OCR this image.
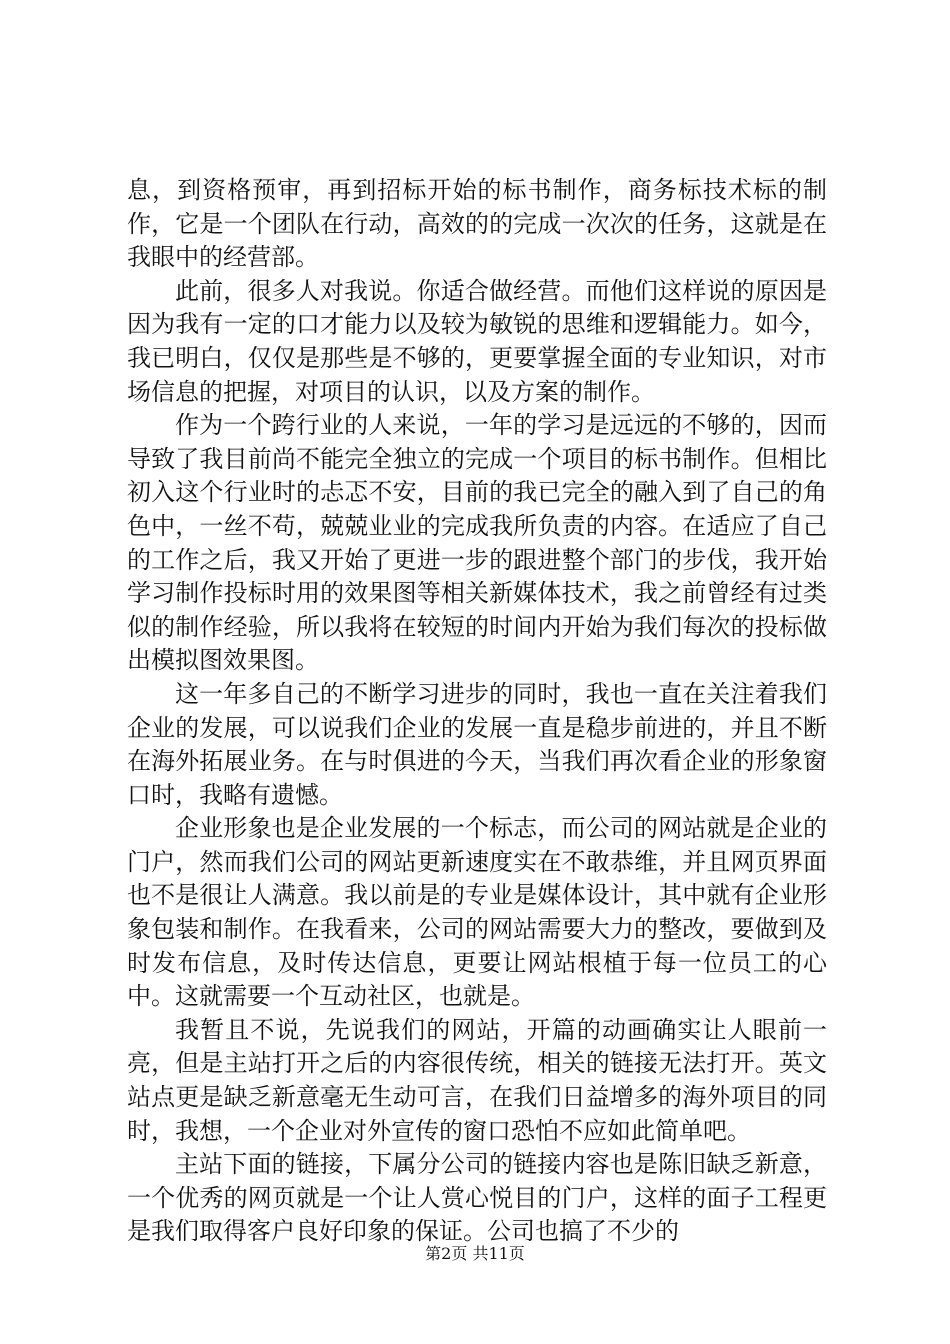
息，到资格预审，再到招标开始的标书制作，商务标技术标的制作，它是一个团队在行动，高效的的完成一次次的任务，这就是在我眼中的经营部。

此前，很多人对我说。你适合做经营。而他们这样说的原因是因为我有一定的口才能力以及较为敏锐的思维和逻辑能力。如今，我已明白，仅仅是那些是不够的，更要掌握全面的专业知识，对市场信息的把握，对项目的认识，以及方案的制作。

作为一个跨行业的人来说，一年的学习是远远的不够的，因而导致了我目前尚不能完全独立的完成一个项目的标书制作。但相比初入这个行业时的忐忑不安，目前的我已完全的融入到了自己的角色中，一丝不苟，兢兢业业的完成我所负责的内容。在适应了自己的工作之后，我又开始了更进一步的跟进整个部门的步伐，我开始学习制作投标时用的效果图等相关新媒体技术，我之前曾经有过类似的制作经验，所以我将在较短的时间内开始为我们每次的投标做出模拟图效果图。

这一年多自己的不断学习进步的同时，我也一直在关注着我们企业的发展，可以说我们企业的发展一直是稳步前进的，并且不断在海外拓展业务。在与时俱进的今天，当我们再次看企业的形象窗口时，我略有遗憾。

企业形象也是企业发展的一个标志，而公司的网站就是企业的门户，然而我们公司的网站更新速度实在不敢恭维，并且网页界面也不是很让人满意。我以前是的专业是媒体设计，其中就有企业形象包装和制作。在我看来，公司的网站需要大力的整改，要做到及时发布信息，及时传达信息，更要让网站根植于每一位员工的心中。这就需要一个互动社区，也就是。

我暂且不说，先说我们的网站，开篇的动画确实让人眼前一亮，但是主站打开之后的内容很传统，相关的链接无法打开。英文站点更是缺乏新意毫无生动可言，在我们日益增多的海外项目的同时，我想，一个企业对外宣传的窗口恐怕不应如此简单吧。

主站下面的链接，下属分公司的链接内容也是陈旧缺乏新意，一个优秀的网页就是一个让人赏心悦目的门户，这样的面子工程更是我们取得客户良好印象的保证。公司也搞了不少的

第2页 共11页
